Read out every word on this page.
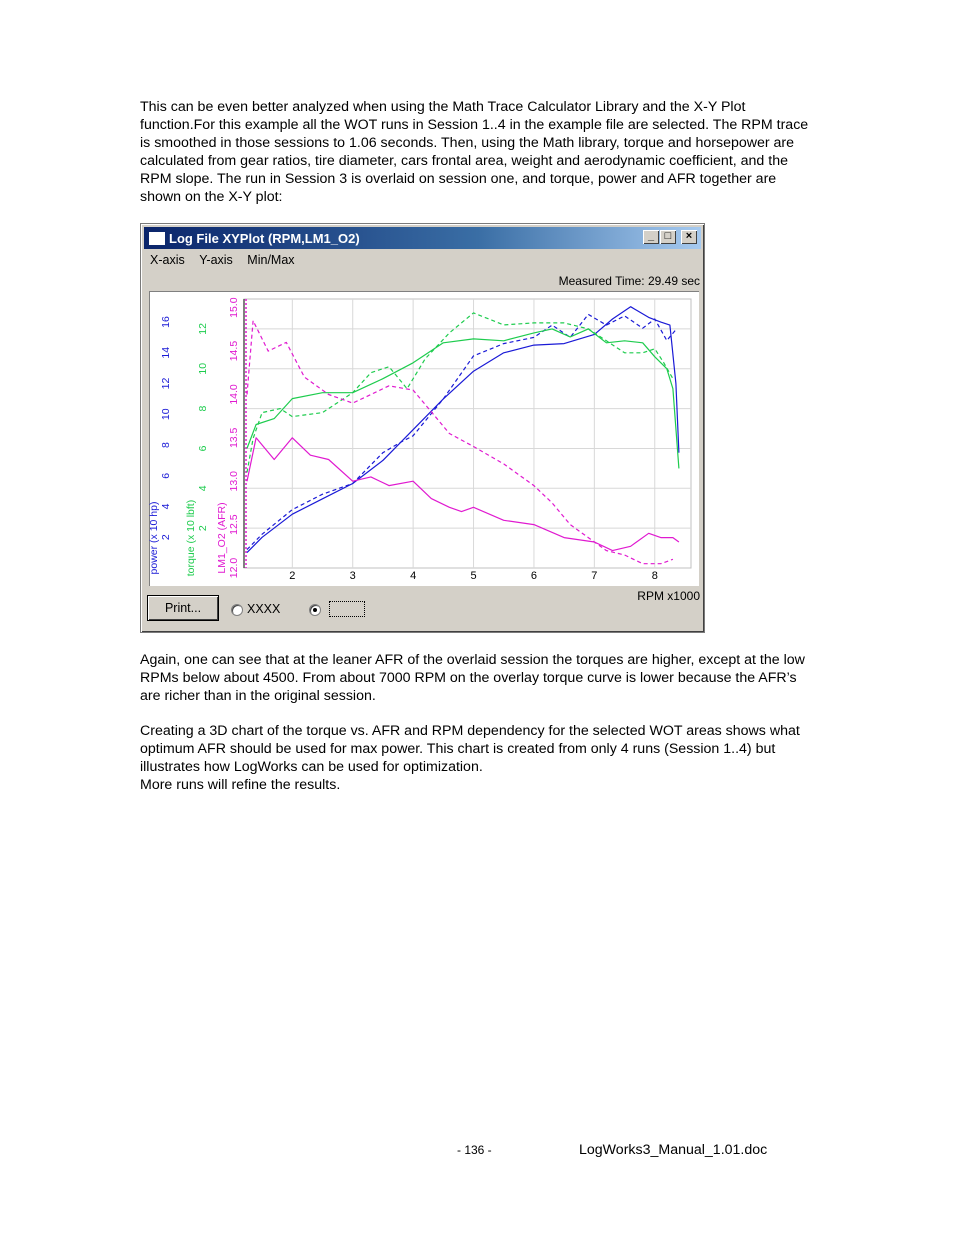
This can be even better analyzed when using the Math Trace Calculator Library and the X-Y Plot function.For this example all the WOT runs in Session 1..4 in the example file are selected. The RPM trace is smoothed in those sessions to 1.06 seconds. Then, using the Math library, torque and horsepower are calculated from gear ratios, tire diameter, cars frontal area, weight and aerodynamic coefficient, and the RPM slope. The run in Session 3 is overlaid on session one, and torque, power and AFR together are shown on the X-Y plot:

Log File XYPlot (RPM,LM1_O2)	_ □	×
X-axis Y-axis Min/Max
Measured Time: 29.49 sec
2	3	4	5	6	7	8
2
4
6
8
10
12
14
16
power (x 10 hp)	2
4
6
8
10
12
torque (x 10 lbft)	12.0
12.5
13.0
13.5
14.0
14.5
15.0
LM1_O2 (AFR)
RPM x1000
Print...	XXXX

Again, one can see that at the leaner AFR of the overlaid session the torques are higher, except at the low RPMs below about 4500. From about 7000 RPM on the overlay torque curve is lower because the AFR’s are richer than in the original session.

Creating a 3D chart of the torque vs. AFR and RPM dependency for the selected WOT areas shows what optimum AFR should be used for max power. This chart is created from only 4 runs (Session 1..4) but illustrates how LogWorks can be used for optimization.
More runs will refine the results.

- 136 -	LogWorks3_Manual_1.01.doc
